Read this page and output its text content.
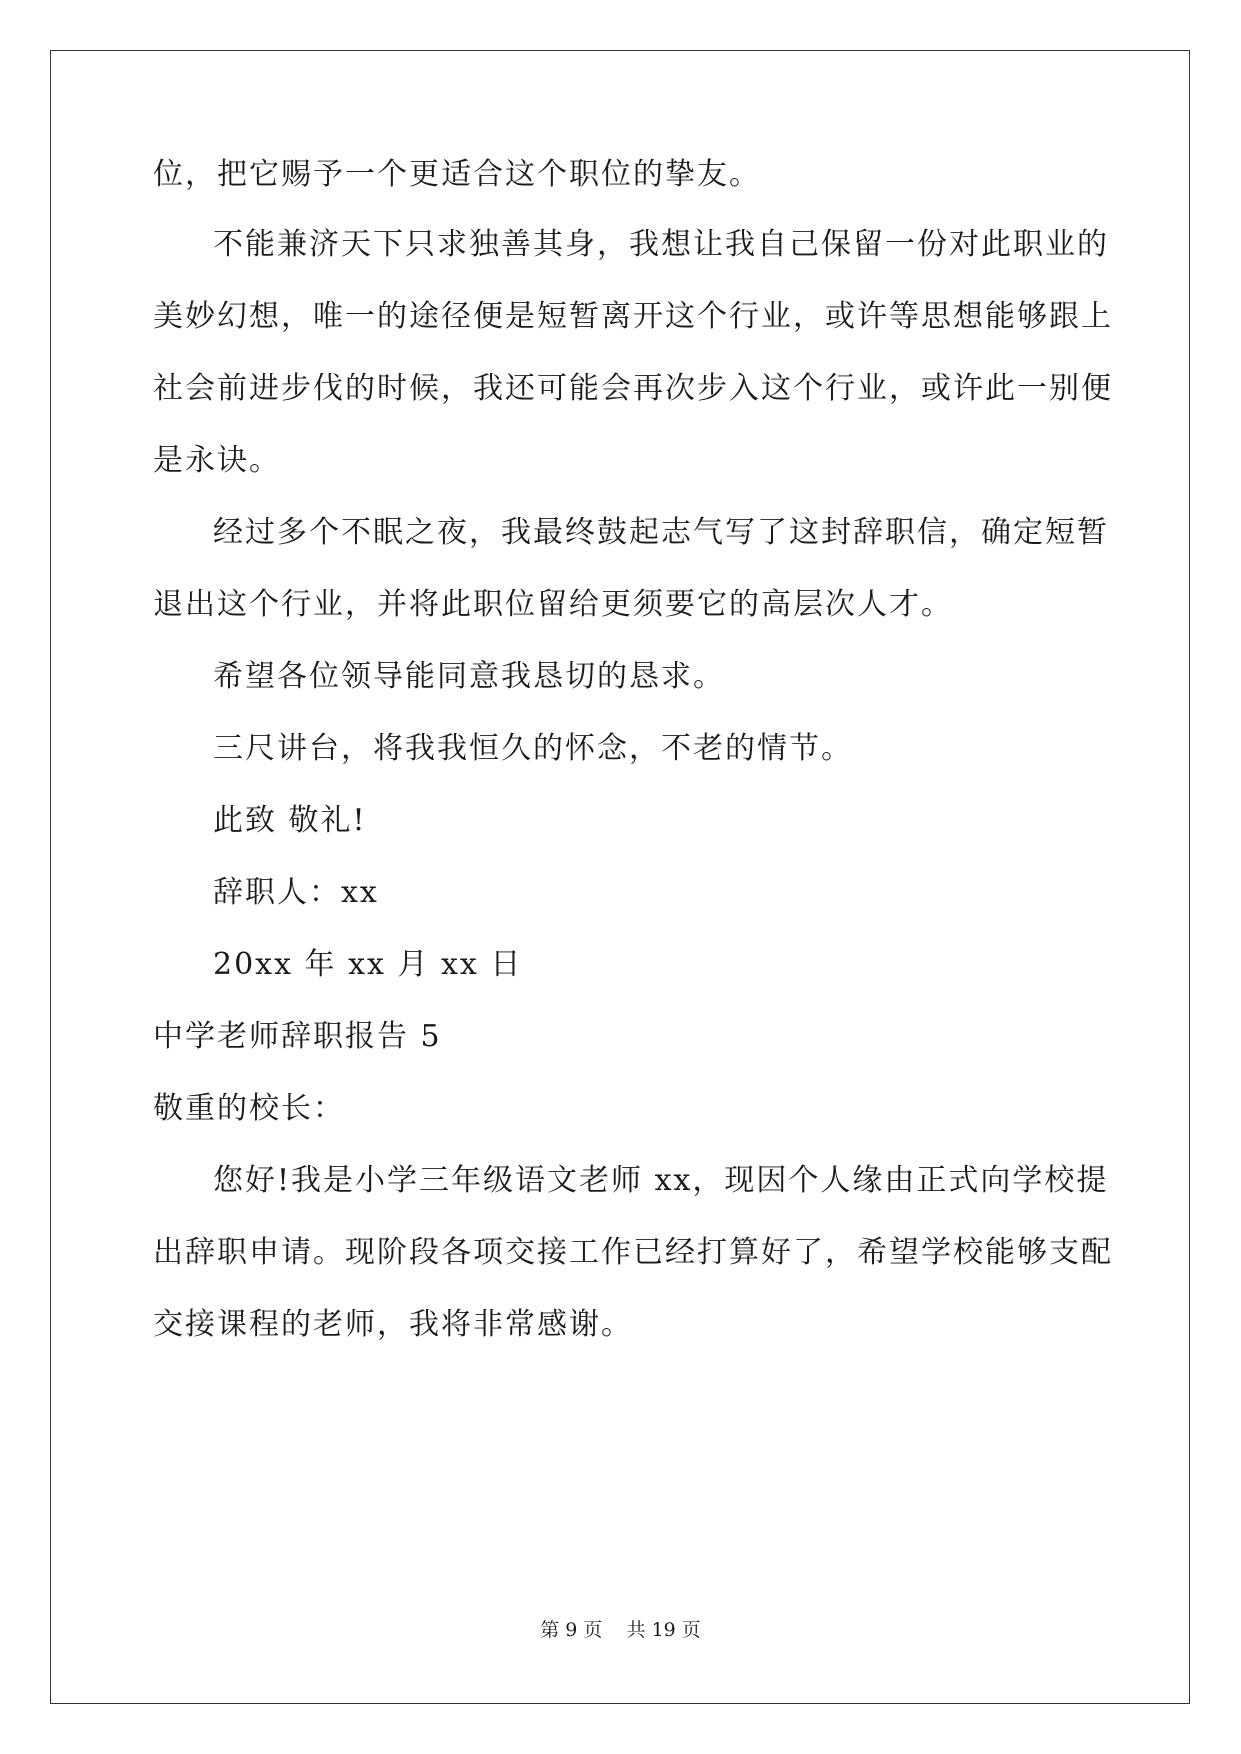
位，把它赐予一个更适合这个职位的挚友。
不能兼济天下只求独善其身，我想让我自己保留一份对此职业的
美妙幻想，唯一的途径便是短暂离开这个行业，或许等思想能够跟上
社会前进步伐的时候，我还可能会再次步入这个行业，或许此一别便
是永诀。
经过多个不眠之夜，我最终鼓起志气写了这封辞职信，确定短暂
退出这个行业，并将此职位留给更须要它的高层次人才。
希望各位领导能同意我恳切的恳求。
三尺讲台，将我我恒久的怀念，不老的情节。
此致 敬礼!
辞职人：xx
20xx 年 xx 月 xx 日
中学老师辞职报告 5
敬重的校长：
您好!我是小学三年级语文老师 xx，现因个人缘由正式向学校提
出辞职申请。现阶段各项交接工作已经打算好了，希望学校能够支配
交接课程的老师，我将非常感谢。
第 9 页    共 19 页
